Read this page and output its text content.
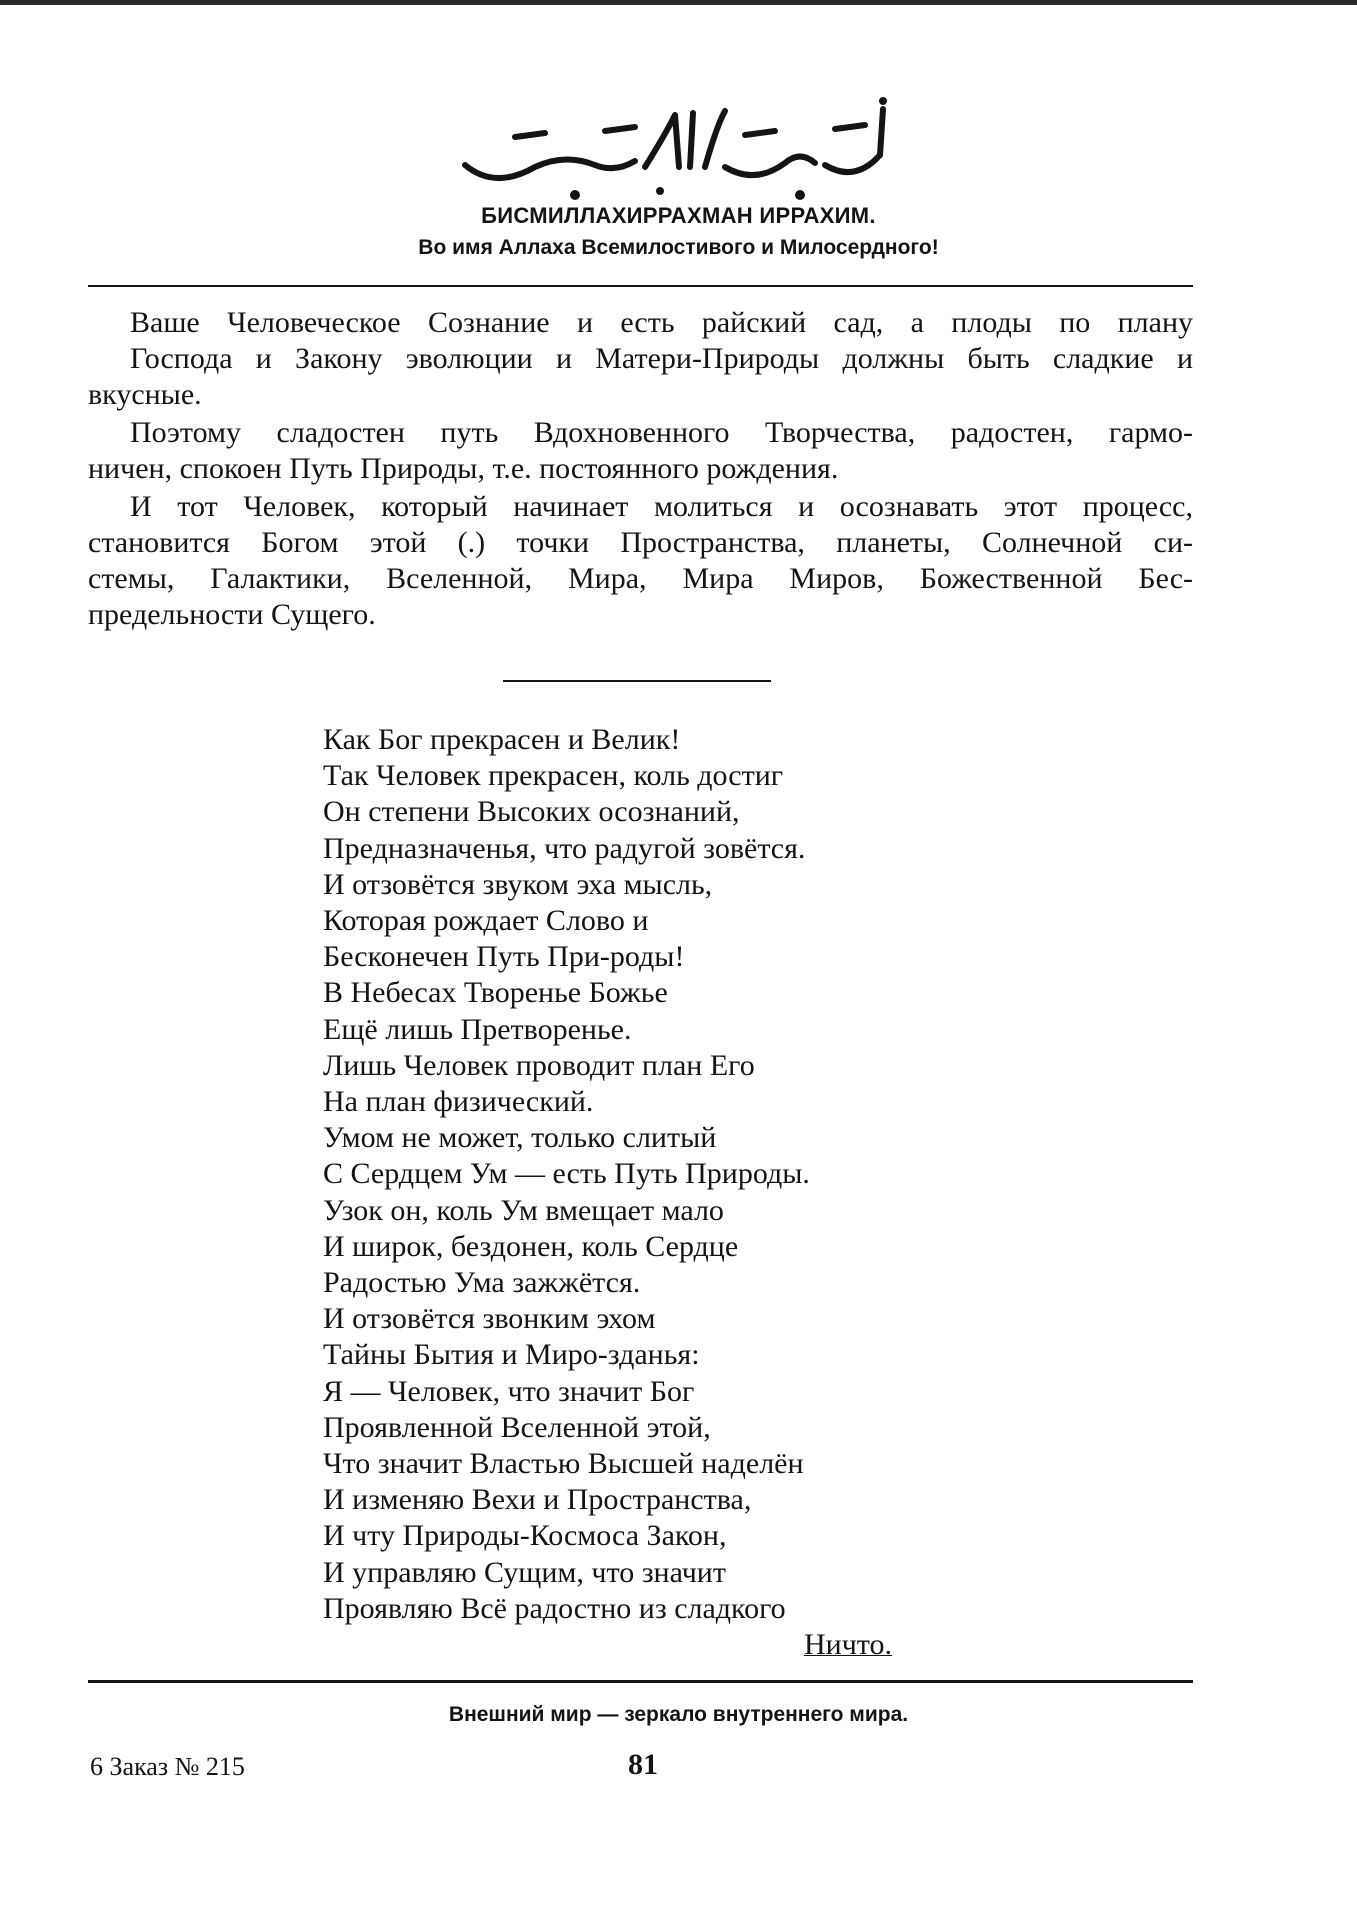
БИСМИЛЛАХИРРАХМАН ИРРАХИМ.
Во имя Аллаха Всемилостивого и Милосердного!

Ваше Человеческое Сознание и есть райский сад, а плоды по плану
Господа и Закону эволюции и Матери-Природы должны быть сладкие и
вкусные.

Поэтому сладостен путь Вдохновенного Творчества, радостен, гармо-
ничен, спокоен Путь Природы, т.е. постоянного рождения.

И тот Человек, который начинает молиться и осознавать этот процесс,
становится Богом этой (.) точки Пространства, планеты, Солнечной си-
стемы, Галактики, Вселенной, Мира, Мира Миров, Божественной Бес-
предельности Сущего.

Как Бог прекрасен и Велик!
Так Человек прекрасен, коль достиг
Он степени Высоких осознаний,
Предназначенья, что радугой зовётся.
И отзовётся звуком эха мысль,
Которая рождает Слово и
Бесконечен Путь При-роды!
В Небесах Творенье Божье
Ещё лишь Претворенье.
Лишь Человек проводит план Его
На план физический.
Умом не может, только слитый
С Сердцем Ум — есть Путь Природы.
Узок он, коль Ум вмещает мало
И широк, бездонен, коль Сердце
Радостью Ума зажжётся.
И отзовётся звонким эхом
Тайны Бытия и Миро-зданья:
Я — Человек, что значит Бог
Проявленной Вселенной этой,
Что значит Властью Высшей наделён
И изменяю Вехи и Пространства,
И чту Природы-Космоса Закон,
И управляю Сущим, что значит
Проявляю Всё радостно из сладкого
Ничто.
Внешний мир — зеркало внутреннего мира.
6 Заказ № 215	81
